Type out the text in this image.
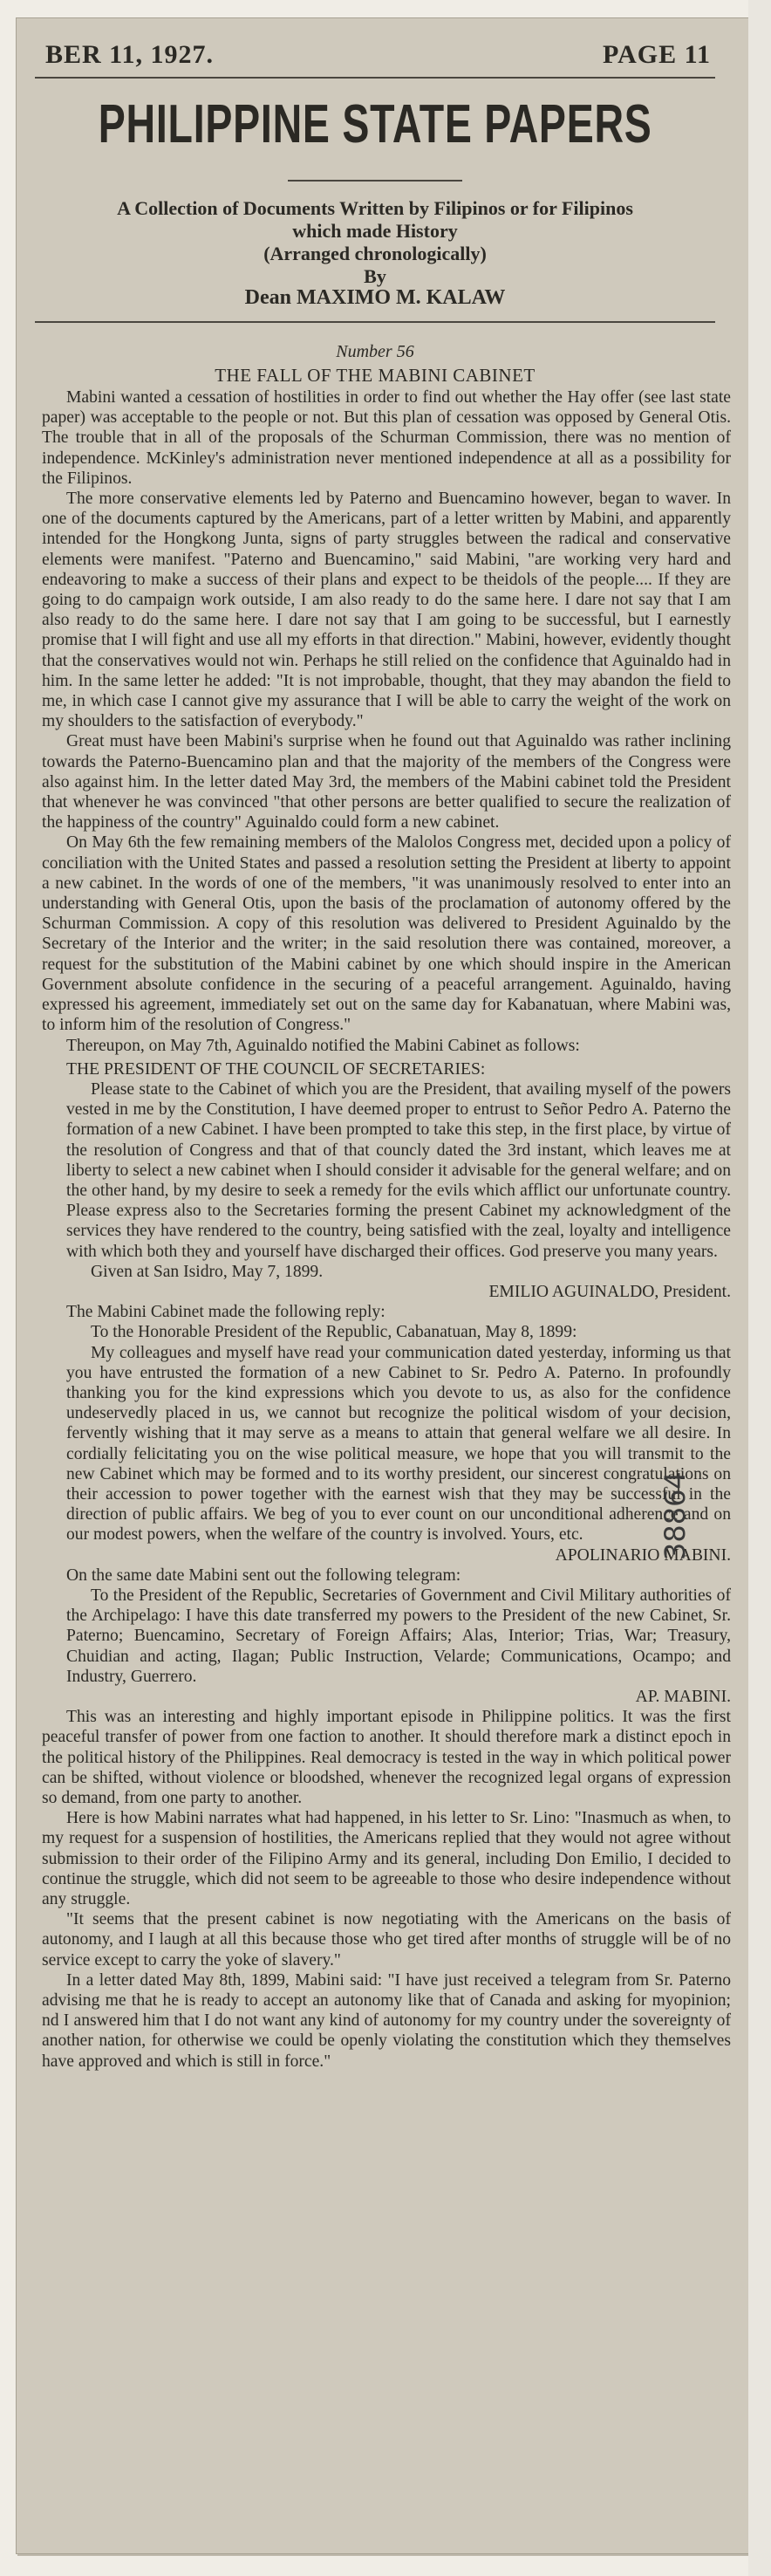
BER 11, 1927.	PAGE 11
PHILIPPINE STATE PAPERS
A Collection of Documents Written by Filipinos or for Filipinos
which made History
(Arranged chronologically)
By
Dean MAXIMO M. KALAW
Number 56
THE FALL OF THE MABINI CABINET

Mabini wanted a cessation of hostilities in order to find out whether the Hay offer (see last state paper) was acceptable to the people or not. But this plan of cessation was opposed by General Otis. The trouble that in all of the proposals of the Schurman Commission, there was no mention of independence. McKinley's administration never mentioned independence at all as a possibility for the Filipinos.

The more conservative elements led by Paterno and Buencamino however, began to waver. In one of the documents captured by the Americans, part of a letter written by Mabini, and apparently intended for the Hongkong Junta, signs of party struggles between the radical and conservative elements were manifest. "Paterno and Buencamino," said Mabini, "are working very hard and endeavoring to make a success of their plans and expect to be theidols of the people.... If they are going to do campaign work outside, I am also ready to do the same here. I dare not say that I am also ready to do the same here. I dare not say that I am going to be successful, but I earnestly promise that I will fight and use all my efforts in that direction." Mabini, however, evidently thought that the conservatives would not win. Perhaps he still relied on the confidence that Aguinaldo had in him. In the same letter he added: "It is not improbable, thought, that they may abandon the field to me, in which case I cannot give my assurance that I will be able to carry the weight of the work on my shoulders to the satisfaction of everybody."

Great must have been Mabini's surprise when he found out that Aguinaldo was rather inclining towards the Paterno-Buencamino plan and that the majority of the members of the Congress were also against him. In the letter dated May 3rd, the members of the Mabini cabinet told the President that whenever he was convinced "that other persons are better qualified to secure the realization of the happiness of the country" Aguinaldo could form a new cabinet.

On May 6th the few remaining members of the Malolos Congress met, decided upon a policy of conciliation with the United States and passed a resolution setting the President at liberty to appoint a new cabinet. In the words of one of the members, "it was unanimously resolved to enter into an understanding with General Otis, upon the basis of the proclamation of autonomy offered by the Schurman Commission. A copy of this resolution was delivered to President Aguinaldo by the Secretary of the Interior and the writer; in the said resolution there was contained, moreover, a request for the substitution of the Mabini cabinet by one which should inspire in the American Government absolute confidence in the securing of a peaceful arrangement. Aguinaldo, having expressed his agreement, immediately set out on the same day for Kabanatuan, where Mabini was, to inform him of the resolution of Congress."

Thereupon, on May 7th, Aguinaldo notified the Mabini Cabinet as follows:

THE PRESIDENT OF THE COUNCIL OF SECRETARIES:

Please state to the Cabinet of which you are the President, that availing myself of the powers vested in me by the Constitution, I have deemed proper to entrust to Señor Pedro A. Paterno the formation of a new Cabinet. I have been prompted to take this step, in the first place, by virtue of the resolution of Congress and that of that councly dated the 3rd instant, which leaves me at liberty to select a new cabinet when I should consider it advisable for the general welfare; and on the other hand, by my desire to seek a remedy for the evils which afflict our unfortunate country. Please express also to the Secretaries forming the present Cabinet my acknowledgment of the services they have rendered to the country, being satisfied with the zeal, loyalty and intelligence with which both they and yourself have discharged their offices. God preserve you many years.

Given at San Isidro, May 7, 1899.

EMILIO AGUINALDO, President.

The Mabini Cabinet made the following reply:

To the Honorable President of the Republic, Cabanatuan, May 8, 1899:

My colleagues and myself have read your communication dated yesterday, informing us that you have entrusted the formation of a new Cabinet to Sr. Pedro A. Paterno. In profoundly thanking you for the kind expressions which you devote to us, as also for the confidence undeservedly placed in us, we cannot but recognize the political wisdom of your decision, fervently wishing that it may serve as a means to attain that general welfare we all desire. In cordially felicitating you on the wise political measure, we hope that you will transmit to the new Cabinet which may be formed and to its worthy president, our sincerest congratulations on their accession to power together with the earnest wish that they may be successful in the direction of public affairs. We beg of you to ever count on our unconditional adherence and on our modest powers, when the welfare of the country is involved. Yours, etc.

APOLINARIO MABINI.

On the same date Mabini sent out the following telegram:

To the President of the Republic, Secretaries of Government and Civil Military authorities of the Archipelago: I have this date transferred my powers to the President of the new Cabinet, Sr. Paterno; Buencamino, Secretary of Foreign Affairs; Alas, Interior; Trias, War; Treasury, Chuidian and acting, Ilagan; Public Instruction, Velarde; Communications, Ocampo; and Industry, Guerrero.

AP. MABINI.

This was an interesting and highly important episode in Philippine politics. It was the first peaceful transfer of power from one faction to another. It should therefore mark a distinct epoch in the political history of the Philippines. Real democracy is tested in the way in which political power can be shifted, without violence or bloodshed, whenever the recognized legal organs of expression so demand, from one party to another.

Here is how Mabini narrates what had happened, in his letter to Sr. Lino: "Inasmuch as when, to my request for a suspension of hostilities, the Americans replied that they would not agree without submission to their order of the Filipino Army and its general, including Don Emilio, I decided to continue the struggle, which did not seem to be agreeable to those who desire independence without any struggle.

"It seems that the present cabinet is now negotiating with the Americans on the basis of autonomy, and I laugh at all this because those who get tired after months of struggle will be of no service except to carry the yoke of slavery."

In a letter dated May 8th, 1899, Mabini said: "I have just received a telegram from Sr. Paterno advising me that he is ready to accept an autonomy like that of Canada and asking for myopinion; nd I answered him that I do not want any kind of autonomy for my country under the sovereignty of another nation, for otherwise we could be openly violating the constitution which they themselves have approved and which is still in force."
